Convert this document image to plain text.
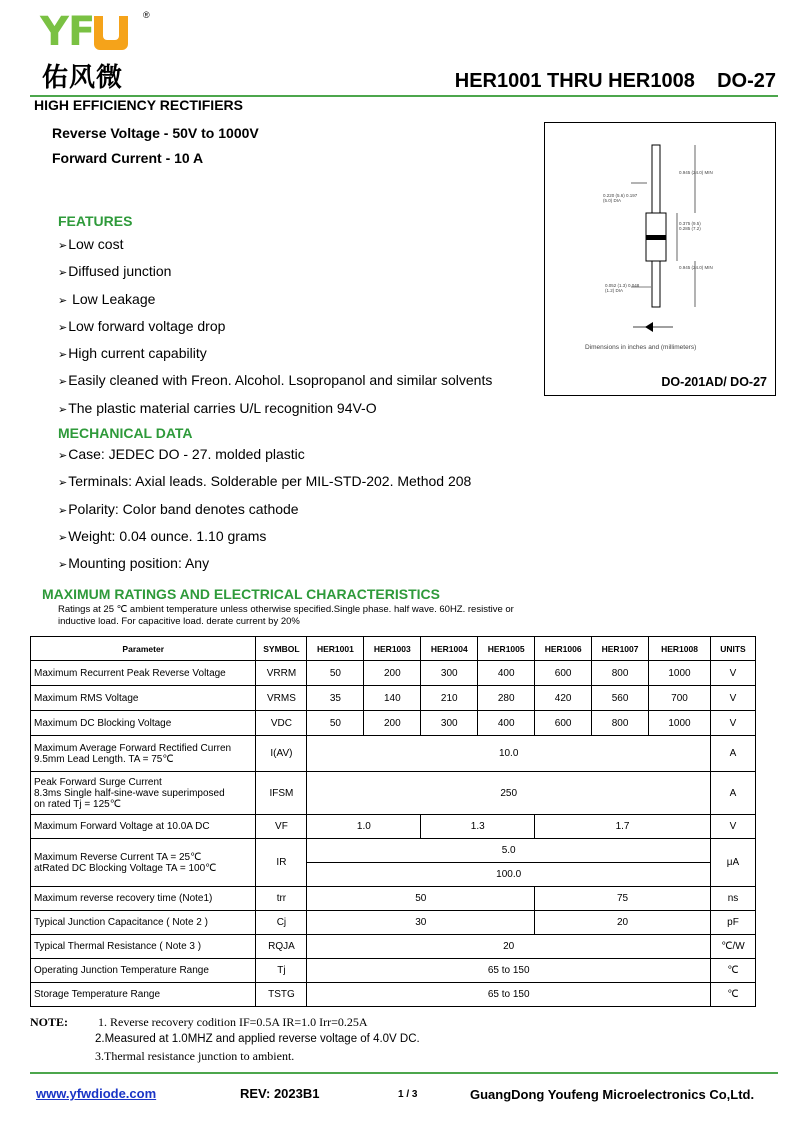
YF	®
佑风微	HER1001 THRU HER1008    DO-27
HIGH EFFICIENCY RECTIFIERS
Reverse Voltage - 50V to 1000V
Forward Current - 10 A
FEATURES
➢Low cost
➢Diffused junction
➢ Low Leakage
➢Low forward voltage drop
➢High current capability
➢Easily cleaned with Freon. Alcohol. Lsopropanol and similar solvents
➢The plastic material carries U/L recognition 94V-O
MECHANICAL DATA
➢Case: JEDEC DO - 27. molded plastic
➢Terminals: Axial leads. Solderable per MIL-STD-202. Method 208
➢Polarity: Color band denotes cathode
➢Weight: 0.04 ounce. 1.10 grams
➢Mounting position: Any
0.945 (24.0) MIN
0.220 (5.6) 0.197 (5.0) DIA
0.375 (9.5) 0.285 (7.2)
0.945 (24.0) MIN
0.052 (1.3) 0.048 (1.2) DIA
Dimensions in inches and (millimeters)
DO-201AD/ DO-27
MAXIMUM RATINGS AND ELECTRICAL CHARACTERISTICS
Ratings at 25 ℃ ambient temperature unless otherwise specified.Single phase. half wave. 60HZ. resistive or
inductive load. For capacitive load. derate current by 20%
Parameter	SYMBOL	HER1001	HER1003	HER1004	HER1005	HER1006	HER1007	HER1008	UNITS
Maximum Recurrent Peak Reverse Voltage	VRRM	50	200	300	400	600	800	1000	V
Maximum RMS Voltage	VRMS	35	140	210	280	420	560	700	V
Maximum DC Blocking Voltage	VDC	50	200	300	400	600	800	1000	V

Maximum Average Forward Rectified Curren
9.5mm Lead Length. TA = 75℃	I(AV)	10.0							A

Peak Forward Surge Current
8.3ms Single half-sine-wave superimposed
on rated Tj = 125℃	IFSM	250							A
Maximum Forward Voltage at 10.0A DC	VF	1.0		1.3		1.7			V

Maximum Reverse Current TA = 25℃
atRated DC Blocking Voltage TA = 100℃	IR	5.0							μA
		100.0							
Maximum reverse recovery time (Note1)	trr	50				75			ns
Typical Junction Capacitance ( Note 2 )	Cj	30				20			pF
Typical Thermal Resistance ( Note 3 )	RQJA	20							℃/W
Operating Junction Temperature Range	Tj	65 to 150							℃
Storage Temperature Range	TSTG	65 to 150							℃
NOTE: 1. Reverse recovery codition IF=0.5A IR=1.0 Irr=0.25A
2.Measured at 1.0MHZ and applied reverse voltage of 4.0V DC.
3.Thermal resistance junction to ambient.
www.yfwdiode.com	REV: 2023B1	1 / 3	GuangDong Youfeng Microelectronics Co,Ltd.
